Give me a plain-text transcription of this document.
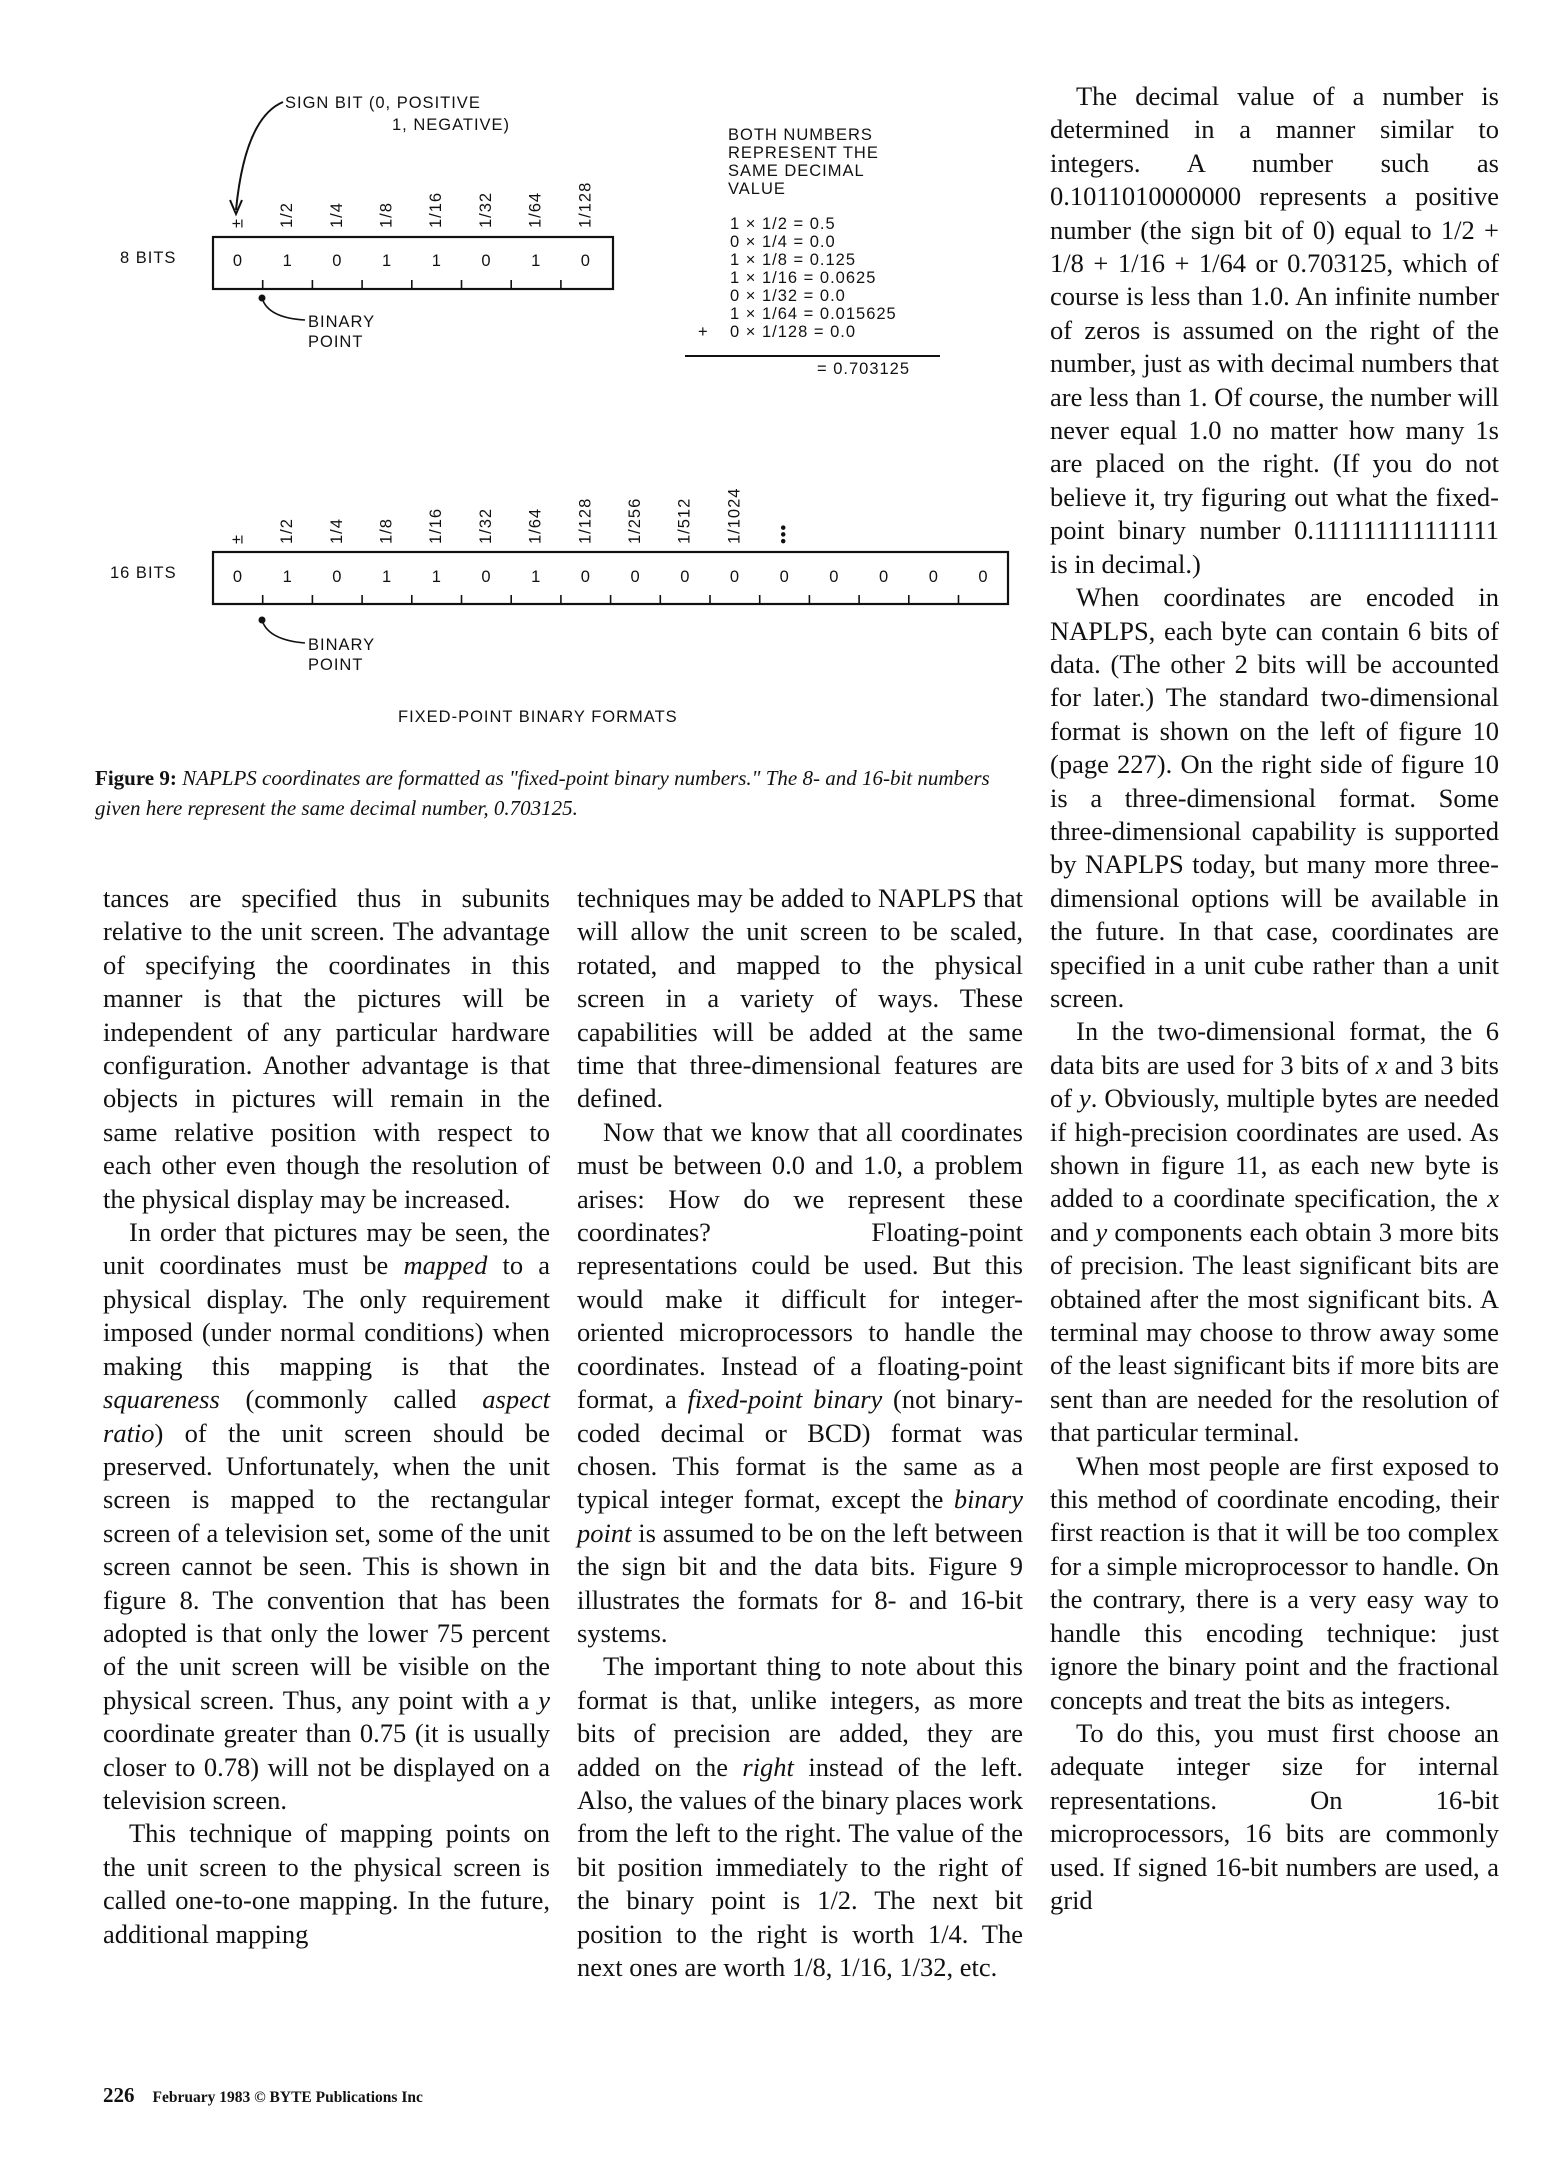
SIGN BIT (0, POSITIVE
1, NEGATIVE)
8 BITS
± 1/2 1/4 1/8 1/16 1/32 1/64 1/128
0 1 0 1 1 0 1 0
BINARY
POINT
BOTH NUMBERS
REPRESENT THE
SAME DECIMAL
VALUE
1 × 1/2 = 0.5
0 × 1/4 = 0.0
1 × 1/8 = 0.125
1 × 1/16 = 0.0625
0 × 1/32 = 0.0
1 × 1/64 = 0.015625
0 × 1/128 = 0.0
+
= 0.703125
16 BITS
± 1/2 1/4 1/8 1/16 1/32 1/64 1/128 1/256 1/512 1/1024 •••
0 1 0 1 1 0 1 0 0 0 0 0 0 0 0 0
BINARY
POINT
FIXED-POINT BINARY FORMATS
Figure 9: NAPLPS coordinates are formatted as "fixed-point binary numbers." The 8- and 16-bit numbers given here represent the same decimal number, 0.703125.

tances are specified thus in subunits relative to the unit screen. The advantage of specifying the coordinates in this manner is that the pictures will be independent of any particular hardware configuration. Another advantage is that objects in pictures will remain in the same relative position with respect to each other even though the resolution of the physical display may be increased.

In order that pictures may be seen, the unit coordinates must be mapped to a physical display. The only requirement imposed (under normal conditions) when making this mapping is that the squareness (commonly called aspect ratio) of the unit screen should be preserved. Unfortunately, when the unit screen is mapped to the rectangular screen of a television set, some of the unit screen cannot be seen. This is shown in figure 8. The convention that has been adopted is that only the lower 75 percent of the unit screen will be visible on the physical screen. Thus, any point with a y coordinate greater than 0.75 (it is usually closer to 0.78) will not be displayed on a television screen.

This technique of mapping points on the unit screen to the physical screen is called one-to-one mapping. In the future, additional mapping

techniques may be added to NAPLPS that will allow the unit screen to be scaled, rotated, and mapped to the physical screen in a variety of ways. These capabilities will be added at the same time that three-dimensional features are defined.

Now that we know that all coordinates must be between 0.0 and 1.0, a problem arises: How do we represent these coordinates? Floating-point representations could be used. But this would make it difficult for integer-oriented microprocessors to handle the coordinates. Instead of a floating-point format, a fixed-point binary (not binary-coded decimal or BCD) format was chosen. This format is the same as a typical integer format, except the binary point is assumed to be on the left between the sign bit and the data bits. Figure 9 illustrates the formats for 8- and 16-bit systems.

The important thing to note about this format is that, unlike integers, as more bits of precision are added, they are added on the right instead of the left. Also, the values of the binary places work from the left to the right. The value of the bit position immediately to the right of the binary point is 1/2. The next bit position to the right is worth 1/4. The next ones are worth 1/8, 1/16, 1/32, etc.

The decimal value of a number is determined in a manner similar to integers. A number such as 0.1011010000000 represents a positive number (the sign bit of 0) equal to 1/2 + 1/8 + 1/16 + 1/64 or 0.703125, which of course is less than 1.0. An infinite number of zeros is assumed on the right of the number, just as with decimal numbers that are less than 1. Of course, the number will never equal 1.0 no matter how many 1s are placed on the right. (If you do not believe it, try figuring out what the fixed-point binary number 0.111111111111111 is in decimal.)

When coordinates are encoded in NAPLPS, each byte can contain 6 bits of data. (The other 2 bits will be accounted for later.) The standard two-dimensional format is shown on the left of figure 10 (page 227). On the right side of figure 10 is a three-dimensional format. Some three-dimensional capability is supported by NAPLPS today, but many more three-dimensional options will be available in the future. In that case, coordinates are specified in a unit cube rather than a unit screen.

In the two-dimensional format, the 6 data bits are used for 3 bits of x and 3 bits of y. Obviously, multiple bytes are needed if high-precision coordinates are used. As shown in figure 11, as each new byte is added to a coordinate specification, the x and y components each obtain 3 more bits of precision. The least significant bits are obtained after the most significant bits. A terminal may choose to throw away some of the least significant bits if more bits are sent than are needed for the resolution of that particular terminal.

When most people are first exposed to this method of coordinate encoding, their first reaction is that it will be too complex for a simple microprocessor to handle. On the contrary, there is a very easy way to handle this encoding technique: just ignore the binary point and the fractional concepts and treat the bits as integers.

To do this, you must first choose an adequate integer size for internal representations. On 16-bit microprocessors, 16 bits are commonly used. If signed 16-bit numbers are used, a grid

226 February 1983 © BYTE Publications Inc
